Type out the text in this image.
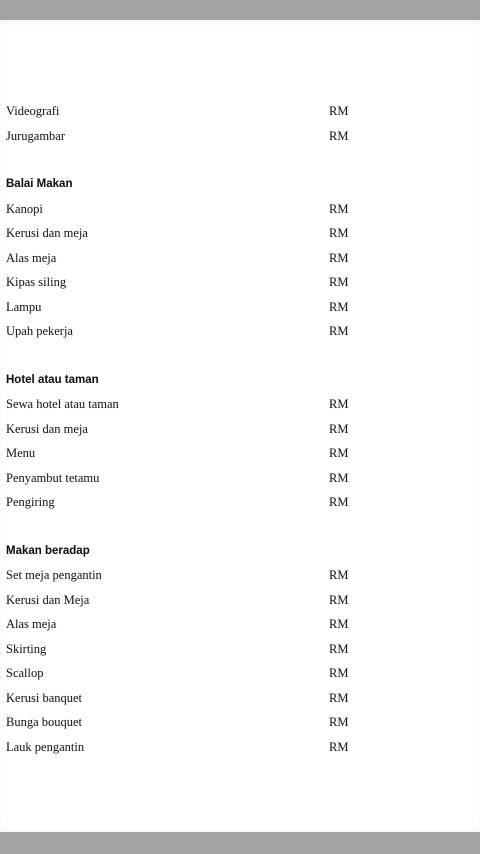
Videografi	RM
Jurugambar	RM
Balai Makan
Kanopi	RM
Kerusi dan meja	RM
Alas meja	RM
Kipas siling	RM
Lampu	RM
Upah pekerja	RM
Hotel atau taman
Sewa hotel atau taman	RM
Kerusi dan meja	RM
Menu	RM
Penyambut tetamu	RM
Pengiring	RM
Makan beradap
Set meja pengantin	RM
Kerusi dan Meja	RM
Alas meja	RM
Skirting	RM
Scallop	RM
Kerusi banquet	RM
Bunga bouquet	RM
Lauk pengantin	RM
